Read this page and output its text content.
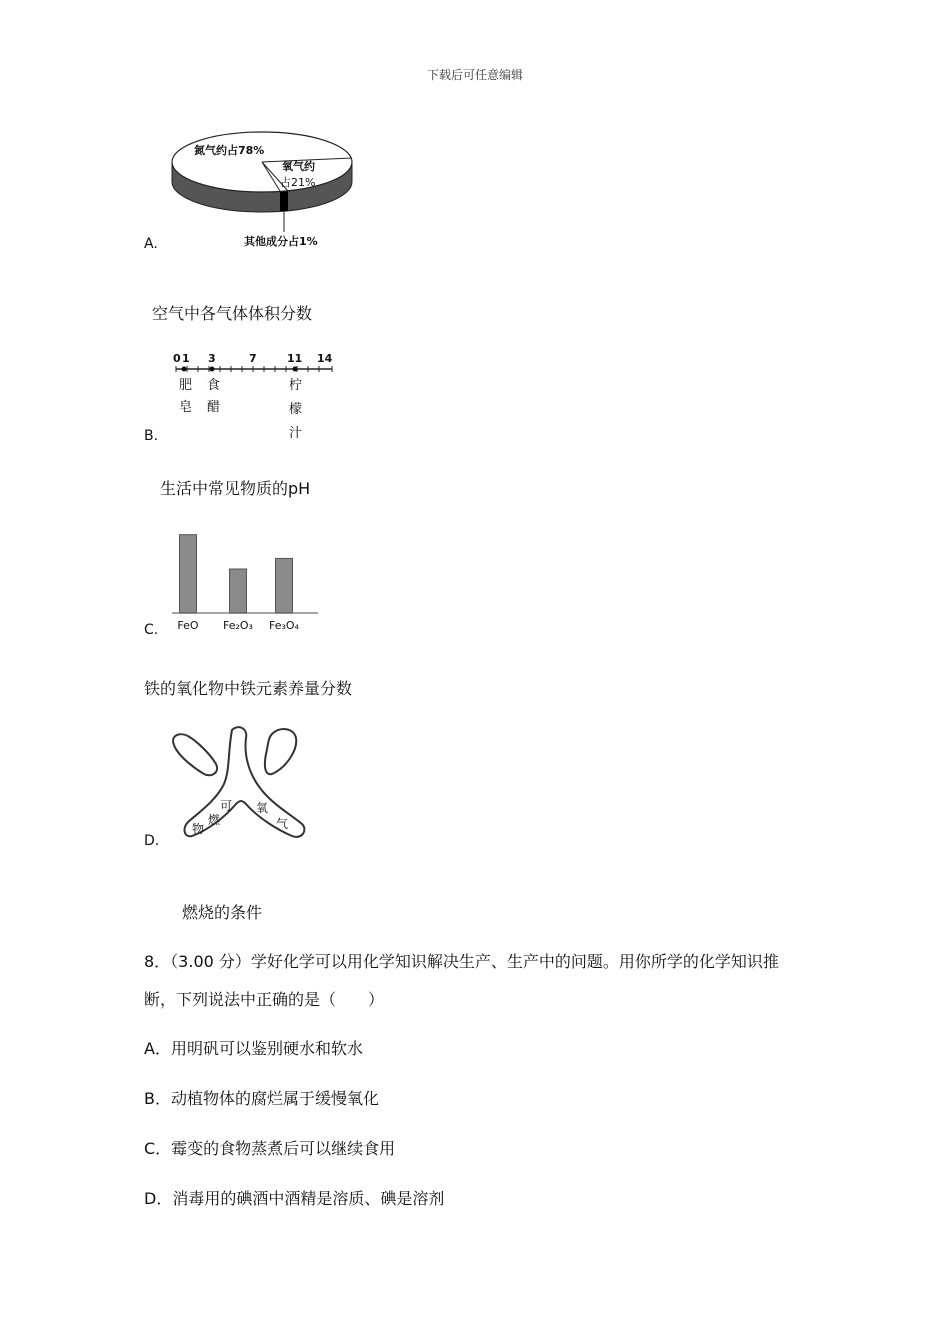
下载后可任意编辑
A.
氮气约占78%
氧气约
占21%
其他成分占1%
空气中各气体体积分数
B.
0 1 3	7	11 14
肥
皂
食
醋
柠
檬
汁
生活中常见物质的pH
C. FeO Fe₂O₃ Fe₃O₄
铁的氧化物中铁元素养量分数
D.
可
燃
物
氧
气
燃烧的条件
8．（3.00 分）学好化学可以用化学知识解决生产、生产中的问题。用你所学的化学知识推
断，下列说法中正确的是（　　）
A．用明矾可以鉴别硬水和软水
B．动植物体的腐烂属于缓慢氧化
C．霉变的食物蒸煮后可以继续食用
D．消毒用的碘酒中酒精是溶质、碘是溶剂
